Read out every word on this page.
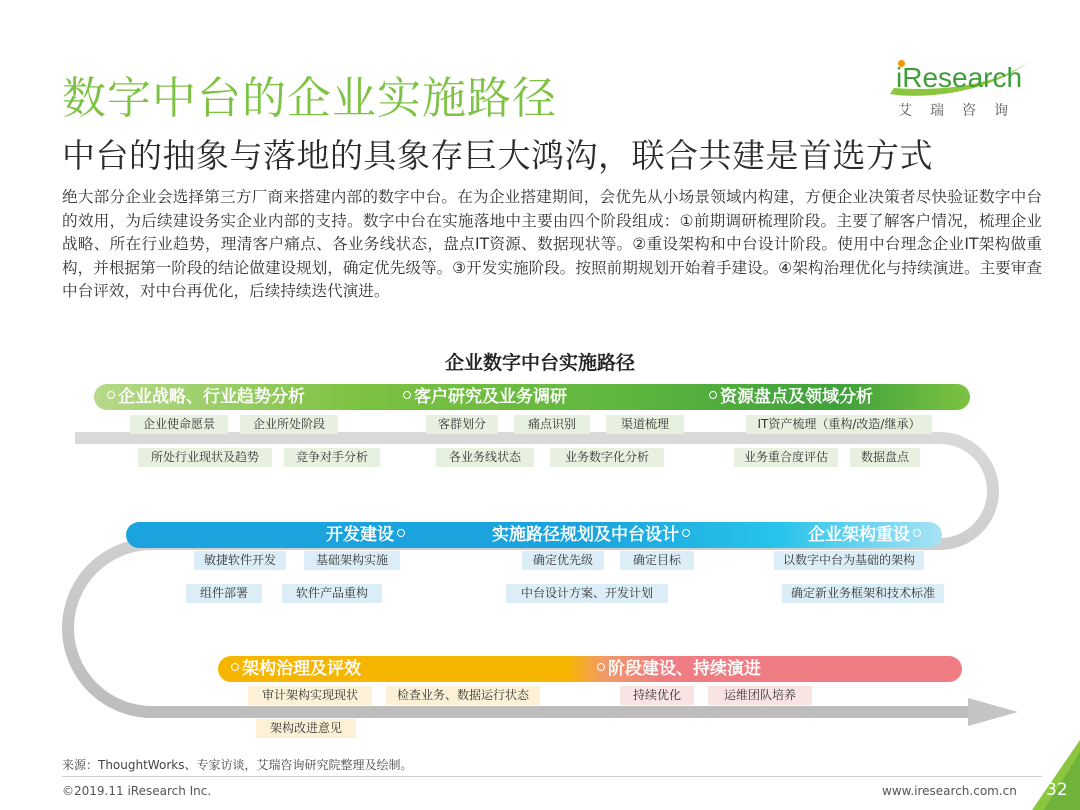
数字中台的企业实施路径
中台的抽象与落地的具象存巨大鸿沟，联合共建是首选方式
iResearch
艾瑞咨询
绝大部分企业会选择第三方厂商来搭建内部的数字中台。在为企业搭建期间，会优先从小场景领域内构建，方便企业决策者尽快验证数字中台的效用，为后续建设务实企业内部的支持。数字中台在实施落地中主要由四个阶段组成：①前期调研梳理阶段。主要了解客户情况，梳理企业战略、所在行业趋势，理清客户痛点、各业务线状态，盘点IT资源、数据现状等。②重设架构和中台设计阶段。使用中台理念企业IT架构做重构，并根据第一阶段的结论做建设规划，确定优先级等。③开发实施阶段。按照前期规划开始着手建设。④架构治理优化与持续演进。主要审查中台评效，对中台再优化，后续持续迭代演进。
企业数字中台实施路径
企业战略、行业趋势分析	客户研究及业务调研	资源盘点及领域分析
企业使命愿景	企业所处阶段	客群划分	痛点识别	渠道梳理	IT资产梳理（重构/改造/继承）
所处行业现状及趋势	竞争对手分析	各业务线状态	业务数字化分析	业务重合度评估	数据盘点
开发建设	实施路径规划及中台设计	企业架构重设
敏捷软件开发	基础架构实施	确定优先级	确定目标	以数字中台为基础的架构
组件部署	软件产品重构	中台设计方案、开发计划	确定新业务框架和技术标准
架构治理及评效	阶段建设、持续演进
审计架构实现现状	检查业务、数据运行状态	持续优化	运维团队培养
架构改进意见
来源：ThoughtWorks、专家访谈，艾瑞咨询研究院整理及绘制。
©2019.11 iResearch Inc.	www.iresearch.com.cn 32
